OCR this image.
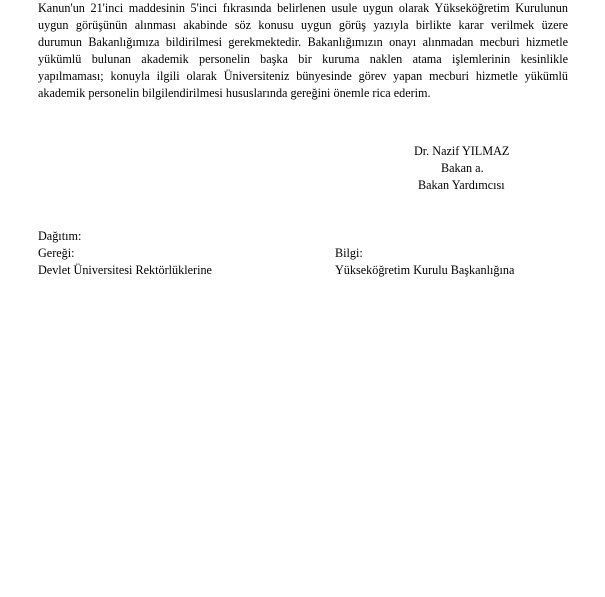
Kanun'un 21'inci maddesinin 5'inci fıkrasında belirlenen usule uygun olarak Yükseköğretim Kurulunun
uygun görüşünün alınması akabinde söz konusu uygun görüş yazıyla birlikte karar verilmek üzere
durumun Bakanlığımıza bildirilmesi gerekmektedir. Bakanlığımızın onayı alınmadan mecburi hizmetle
yükümlü bulunan akademik personelin başka bir kuruma naklen atama işlemlerinin kesinlikle
yapılmaması; konuyla ilgili olarak Üniversiteniz bünyesinde görev yapan mecburi hizmetle yükümlü
akademik personelin bilgilendirilmesi hususlarında gereğini önemle rica ederim.
Dr. Nazif YILMAZ
Bakan a.
Bakan Yardımcısı
Dağıtım:
Gereği:
Devlet Üniversitesi Rektörlüklerine
Bilgi:
Yükseköğretim Kurulu Başkanlığına
